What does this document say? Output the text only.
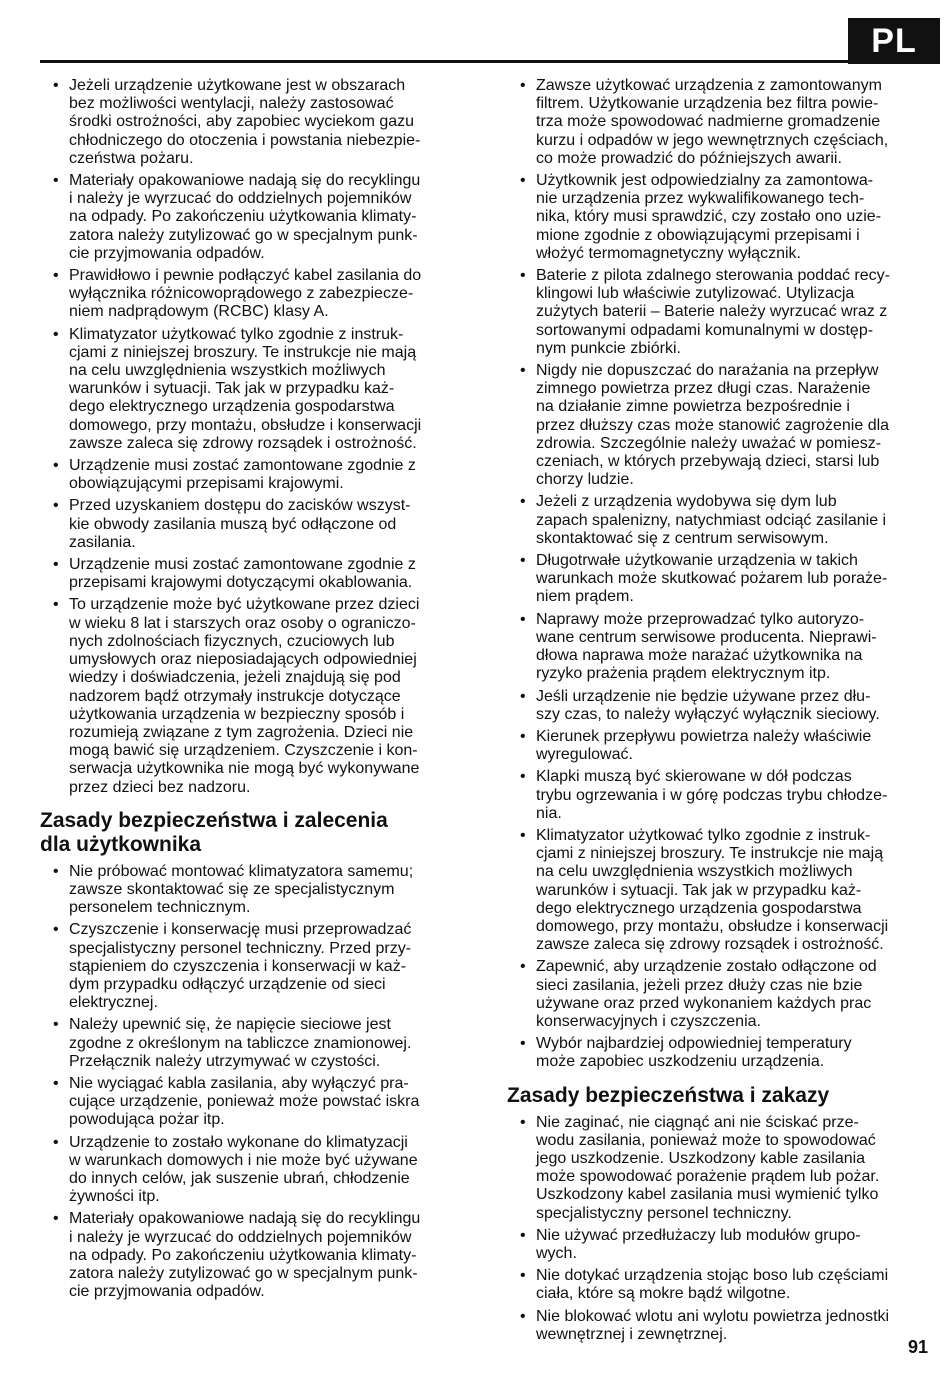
PL
• Jeżeli urządzenie użytkowane jest w obszarach
bez możliwości wentylacji, należy zastosować
środki ostrożności, aby zapobiec wyciekom gazu
chłodniczego do otoczenia i powstania niebezpie-
czeństwa pożaru.
• Materiały opakowaniowe nadają się do recyklingu
i należy je wyrzucać do oddzielnych pojemników
na odpady. Po zakończeniu użytkowania klimaty-
zatora należy zutylizować go w specjalnym punk-
cie przyjmowania odpadów.
• Prawidłowo i pewnie podłączyć kabel zasilania do
wyłącznika różnicowoprądowego z zabezpiecze-
niem nadprądowym (RCBC) klasy A.
• Klimatyzator użytkować tylko zgodnie z instruk-
cjami z niniejszej broszury. Te instrukcje nie mają
na celu uwzględnienia wszystkich możliwych
warunków i sytuacji. Tak jak w przypadku każ-
dego elektrycznego urządzenia gospodarstwa
domowego, przy montażu, obsłudze i konserwacji
zawsze zaleca się zdrowy rozsądek i ostrożność.
• Urządzenie musi zostać zamontowane zgodnie z
obowiązującymi przepisami krajowymi.
• Przed uzyskaniem dostępu do zacisków wszyst-
kie obwody zasilania muszą być odłączone od
zasilania.
• Urządzenie musi zostać zamontowane zgodnie z
przepisami krajowymi dotyczącymi okablowania.
• To urządzenie może być użytkowane przez dzieci
w wieku 8 lat i starszych oraz osoby o ograniczo-
nych zdolnościach fizycznych, czuciowych lub
umysłowych oraz nieposiadających odpowiedniej
wiedzy i doświadczenia, jeżeli znajdują się pod
nadzorem bądź otrzymały instrukcje dotyczące
użytkowania urządzenia w bezpieczny sposób i
rozumieją związane z tym zagrożenia. Dzieci nie
mogą bawić się urządzeniem. Czyszczenie i kon-
serwacja użytkownika nie mogą być wykonywane
przez dzieci bez nadzoru.
Zasady bezpieczeństwa i zalecenia
dla użytkownika
• Nie próbować montować klimatyzatora samemu;
zawsze skontaktować się ze specjalistycznym
personelem technicznym.
• Czyszczenie i konserwację musi przeprowadzać
specjalistyczny personel techniczny. Przed przy-
stąpieniem do czyszczenia i konserwacji w każ-
dym przypadku odłączyć urządzenie od sieci
elektrycznej.
• Należy upewnić się, że napięcie sieciowe jest
zgodne z określonym na tabliczce znamionowej.
Przełącznik należy utrzymywać w czystości.
• Nie wyciągać kabla zasilania, aby wyłączyć pra-
cujące urządzenie, ponieważ może powstać iskra
powodująca pożar itp.
• Urządzenie to zostało wykonane do klimatyzacji
w warunkach domowych i nie może być używane
do innych celów, jak suszenie ubrań, chłodzenie
żywności itp.
• Materiały opakowaniowe nadają się do recyklingu
i należy je wyrzucać do oddzielnych pojemników
na odpady. Po zakończeniu użytkowania klimaty-
zatora należy zutylizować go w specjalnym punk-
cie przyjmowania odpadów.
• Zawsze użytkować urządzenia z zamontowanym
filtrem. Użytkowanie urządzenia bez filtra powie-
trza może spowodować nadmierne gromadzenie
kurzu i odpadów w jego wewnętrznych częściach,
co może prowadzić do późniejszych awarii.
• Użytkownik jest odpowiedzialny za zamontowa-
nie urządzenia przez wykwalifikowanego tech-
nika, który musi sprawdzić, czy zostało ono uzie-
mione zgodnie z obowiązującymi przepisami i
włożyć termomagnetyczny wyłącznik.
• Baterie z pilota zdalnego sterowania poddać recy-
klingowi lub właściwie zutylizować. Utylizacja
zużytych baterii – Baterie należy wyrzucać wraz z
sortowanymi odpadami komunalnymi w dostęp-
nym punkcie zbiórki.
• Nigdy nie dopuszczać do narażania na przepływ
zimnego powietrza przez długi czas. Narażenie
na działanie zimne powietrza bezpośrednie i
przez dłuższy czas może stanowić zagrożenie dla
zdrowia. Szczególnie należy uważać w pomiesz-
czeniach, w których przebywają dzieci, starsi lub
chorzy ludzie.
• Jeżeli z urządzenia wydobywa się dym lub
zapach spalenizny, natychmiast odciąć zasilanie i
skontaktować się z centrum serwisowym.
• Długotrwałe użytkowanie urządzenia w takich
warunkach może skutkować pożarem lub poraże-
niem prądem.
• Naprawy może przeprowadzać tylko autoryzo-
wane centrum serwisowe producenta. Nieprawi-
dłowa naprawa może narażać użytkownika na
ryzyko prażenia prądem elektrycznym itp.
• Jeśli urządzenie nie będzie używane przez dłu-
szy czas, to należy wyłączyć wyłącznik sieciowy.
• Kierunek przepływu powietrza należy właściwie
wyregulować.
• Klapki muszą być skierowane w dół podczas
trybu ogrzewania i w górę podczas trybu chłodze-
nia.
• Klimatyzator użytkować tylko zgodnie z instruk-
cjami z niniejszej broszury. Te instrukcje nie mają
na celu uwzględnienia wszystkich możliwych
warunków i sytuacji. Tak jak w przypadku każ-
dego elektrycznego urządzenia gospodarstwa
domowego, przy montażu, obsłudze i konserwacji
zawsze zaleca się zdrowy rozsądek i ostrożność.
• Zapewnić, aby urządzenie zostało odłączone od
sieci zasilania, jeżeli przez dłuży czas nie bzie
używane oraz przed wykonaniem każdych prac
konserwacyjnych i czyszczenia.
• Wybór najbardziej odpowiedniej temperatury
może zapobiec uszkodzeniu urządzenia.
Zasady bezpieczeństwa i zakazy
• Nie zaginać, nie ciągnąć ani nie ściskać prze-
wodu zasilania, ponieważ może to spowodować
jego uszkodzenie. Uszkodzony kable zasilania
może spowodować porażenie prądem lub pożar.
Uszkodzony kabel zasilania musi wymienić tylko
specjalistyczny personel techniczny.
• Nie używać przedłużaczy lub modułów grupo-
wych.
• Nie dotykać urządzenia stojąc boso lub częściami
ciała, które są mokre bądź wilgotne.
• Nie blokować wlotu ani wylotu powietrza jednostki
wewnętrznej i zewnętrznej.
91
